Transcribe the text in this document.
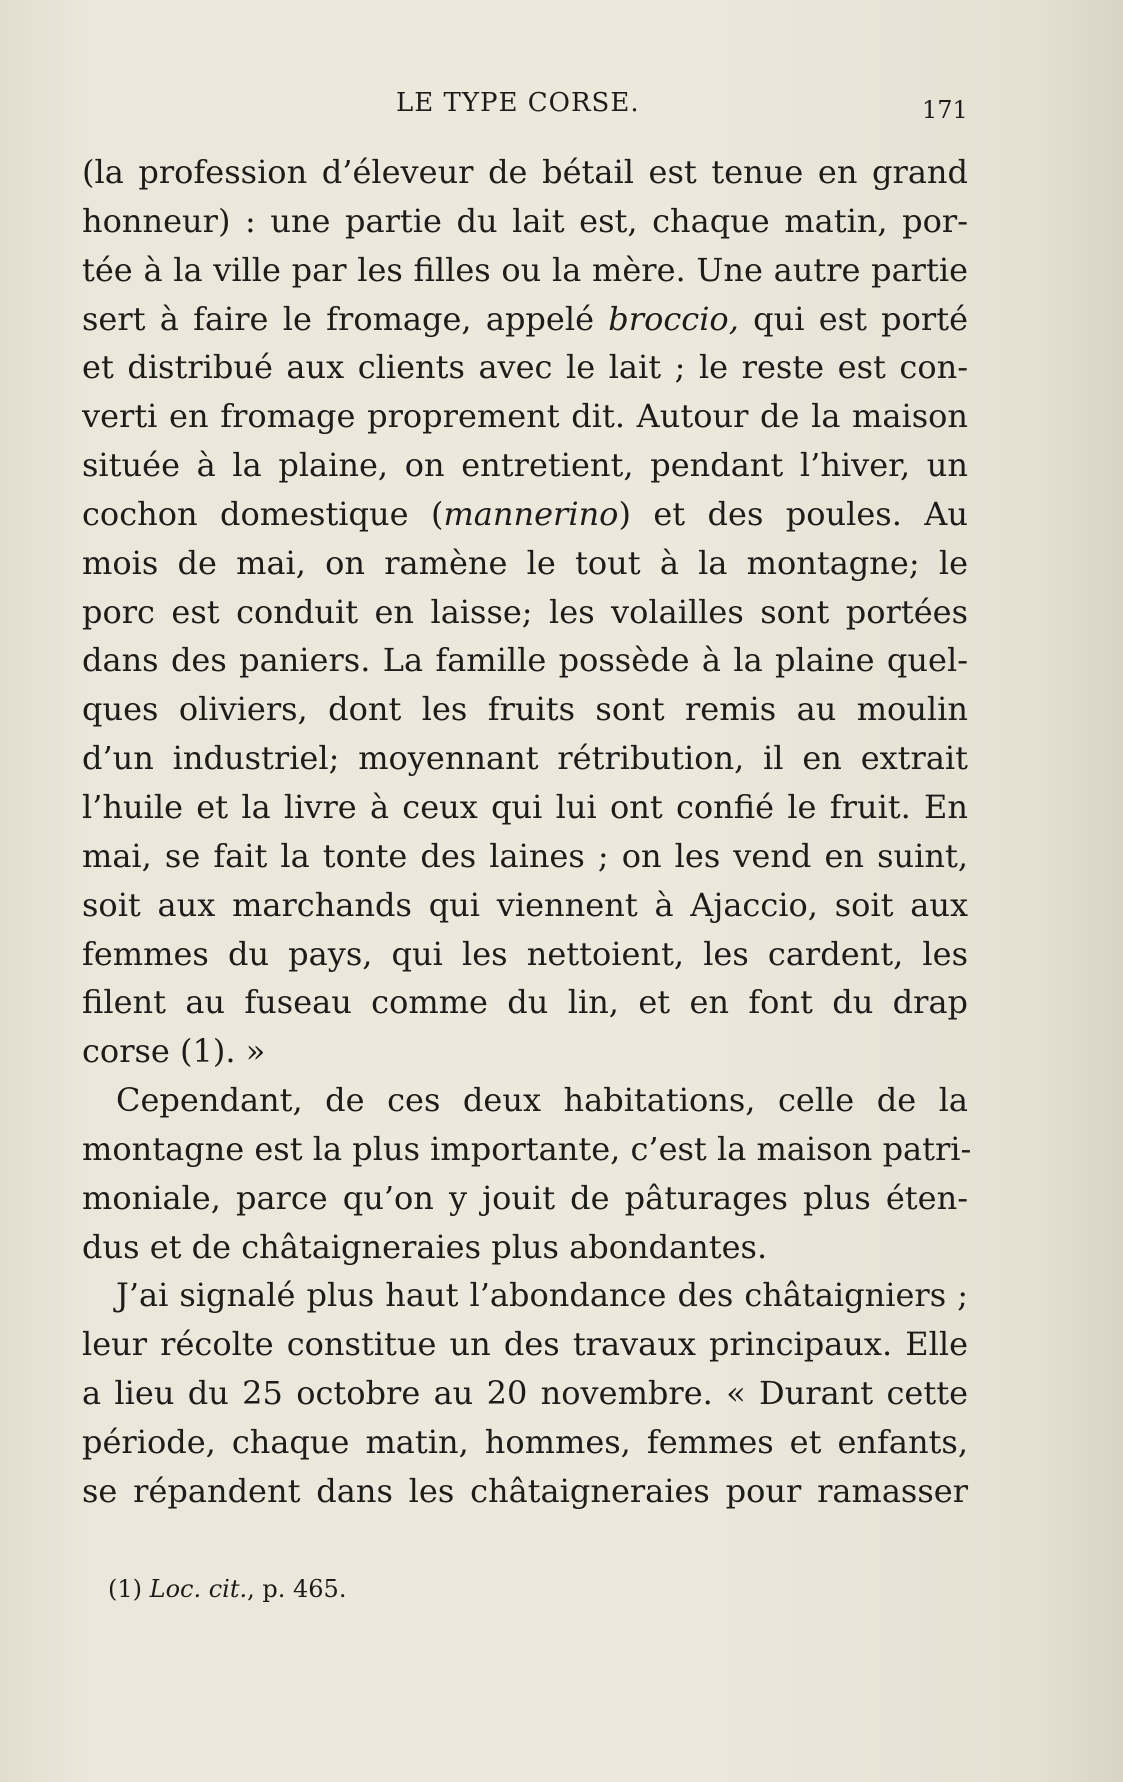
LE TYPE CORSE.	171
(la profession d’éleveur de bétail est tenue en grand
honneur) : une partie du lait est, chaque matin, por-
tée à la ville par les filles ou la mère. Une autre partie
sert à faire le fromage, appelé broccio, qui est porté
et distribué aux clients avec le lait ; le reste est con-
verti en fromage proprement dit. Autour de la maison
située à la plaine, on entretient, pendant l’hiver, un
cochon domestique (mannerino) et des poules. Au
mois de mai, on ramène le tout à la montagne; le
porc est conduit en laisse; les volailles sont portées
dans des paniers. La famille possède à la plaine quel-
ques oliviers, dont les fruits sont remis au moulin
d’un industriel; moyennant rétribution, il en extrait
l’huile et la livre à ceux qui lui ont confié le fruit. En
mai, se fait la tonte des laines ; on les vend en suint,
soit aux marchands qui viennent à Ajaccio, soit aux
femmes du pays, qui les nettoient, les cardent, les
filent au fuseau comme du lin, et en font du drap
corse (1). »
Cependant, de ces deux habitations, celle de la
montagne est la plus importante, c’est la maison patri-
moniale, parce qu’on y jouit de pâturages plus éten-
dus et de châtaigneraies plus abondantes.
J’ai signalé plus haut l’abondance des châtaigniers ;
leur récolte constitue un des travaux principaux. Elle
a lieu du 25 octobre au 20 novembre. « Durant cette
période, chaque matin, hommes, femmes et enfants,
se répandent dans les châtaigneraies pour ramasser
(1) Loc. cit., p. 465.
